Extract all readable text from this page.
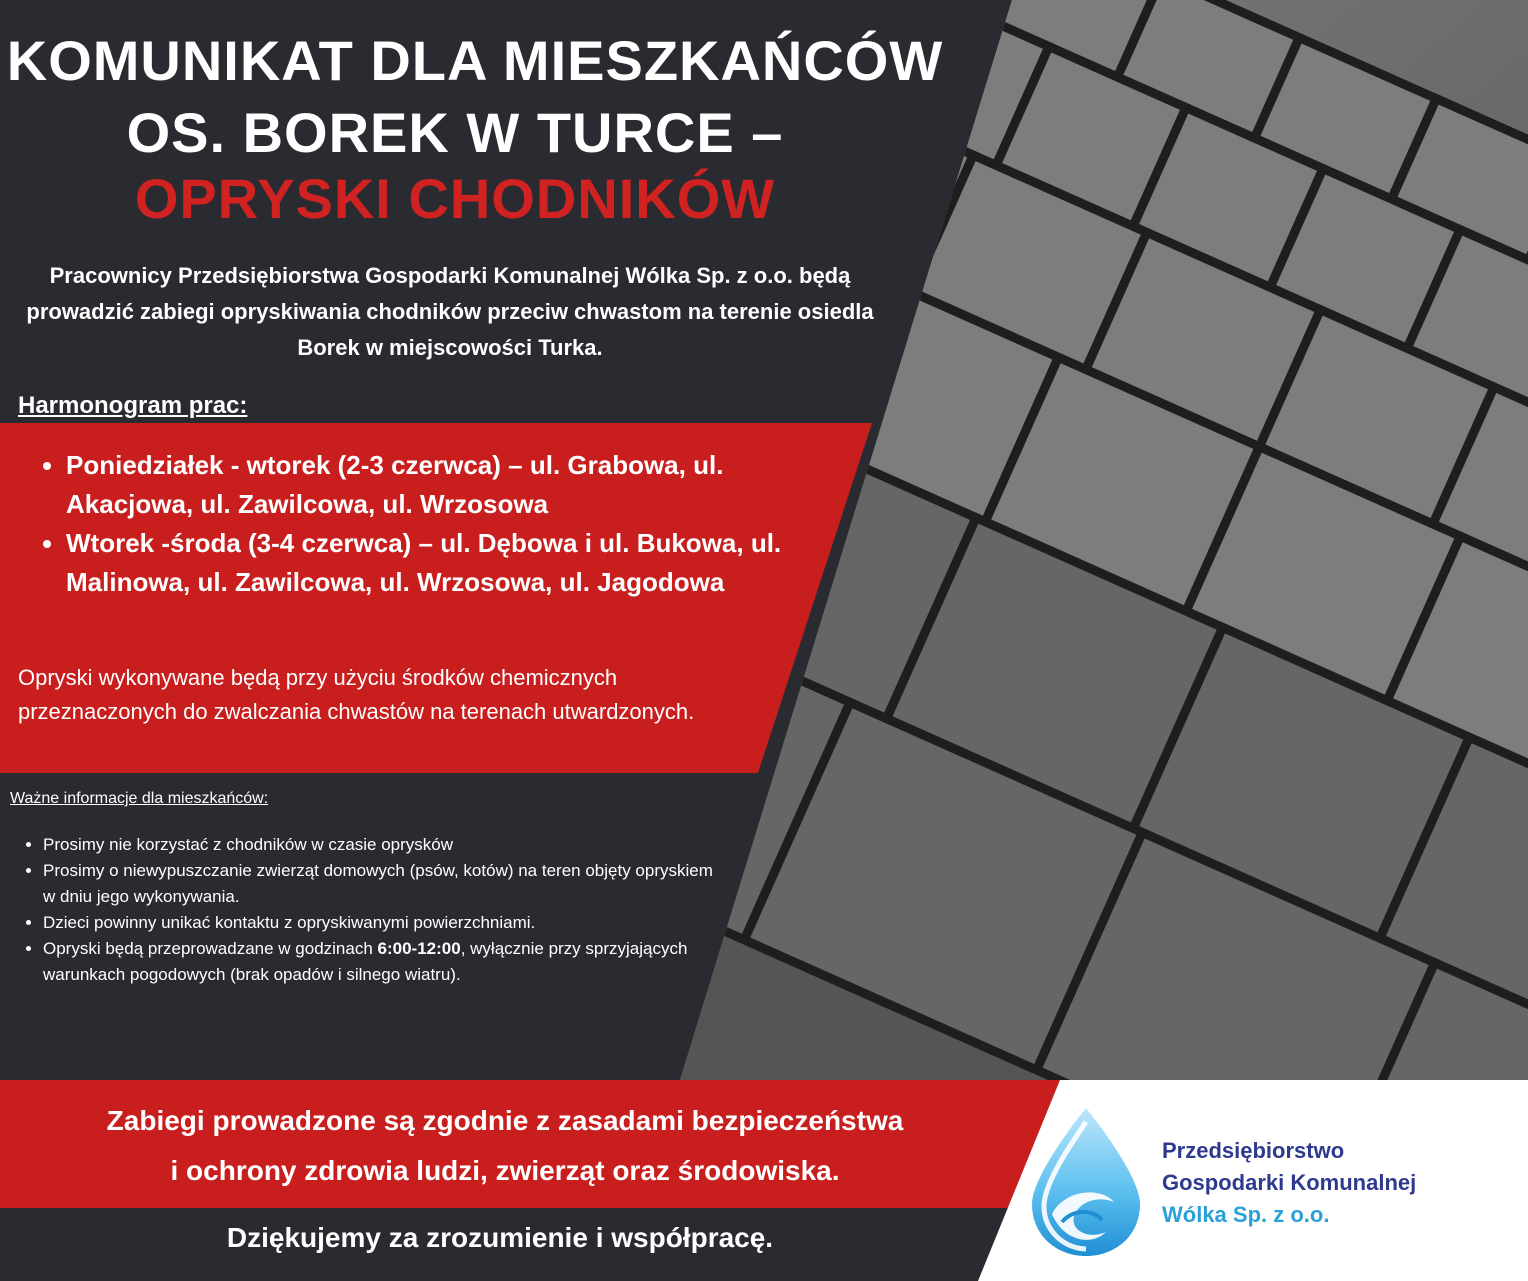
KOMUNIKAT DLA MIESZKAŃCÓW
OS. BOREK W TURCE –
OPRYSKI CHODNIKÓW
Pracownicy Przedsiębiorstwa Gospodarki Komunalnej Wólka Sp. z o.o. będą prowadzić zabiegi opryskiwania chodników przeciw chwastom na terenie osiedla Borek w miejscowości Turka.
Harmonogram prac:
• Poniedziałek - wtorek (2-3 czerwca) – ul. Grabowa, ul. Akacjowa, ul. Zawilcowa, ul. Wrzosowa
• Wtorek -środa (3-4 czerwca) – ul. Dębowa i ul. Bukowa, ul. Malinowa, ul. Zawilcowa, ul. Wrzosowa, ul. Jagodowa
Opryski wykonywane będą przy użyciu środków chemicznych przeznaczonych do zwalczania chwastów na terenach utwardzonych.
Ważne informacje dla mieszkańców:
• Prosimy nie korzystać z chodników w czasie oprysków
• Prosimy o niewypuszczanie zwierząt domowych (psów, kotów) na teren objęty opryskiem w dniu jego wykonywania.
• Dzieci powinny unikać kontaktu z opryskiwanymi powierzchniami.
• Opryski będą przeprowadzane w godzinach 6:00-12:00, wyłącznie przy sprzyjających warunkach pogodowych (brak opadów i silnego wiatru).
Zabiegi prowadzone są zgodnie z zasadami bezpieczeństwa
i ochrony zdrowia ludzi, zwierząt oraz środowiska.
Dziękujemy za zrozumienie i współpracę.
Przedsiębiorstwo
Gospodarki Komunalnej
Wólka Sp. z o.o.
